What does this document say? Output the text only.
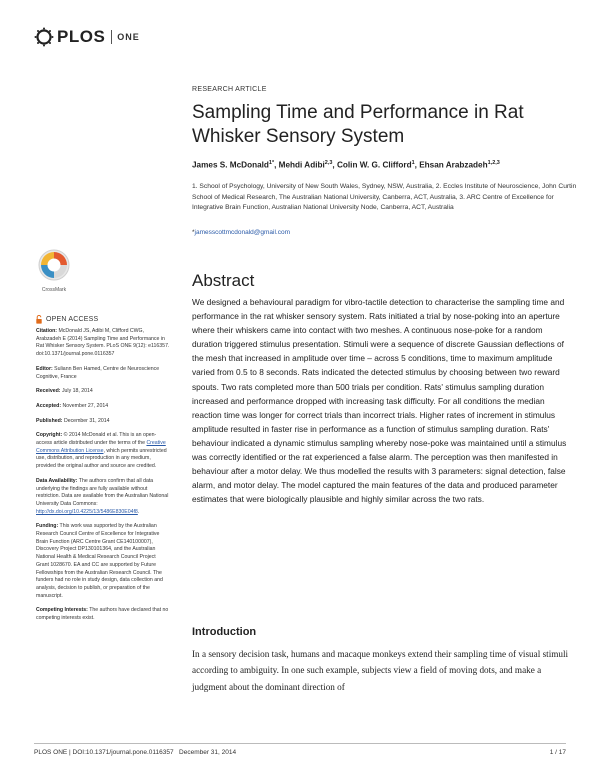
PLOS ONE
RESEARCH ARTICLE
Sampling Time and Performance in Rat Whisker Sensory System
James S. McDonald$^{1*}$, Mehdi Adibi$^{2,3}$, Colin W. G. Clifford$^1$, Ehsan Arabzadeh$^{1,2,3}$
1. School of Psychology, University of New South Wales, Sydney, NSW, Australia, 2. Eccles Institute of Neuroscience, John Curtin School of Medical Research, The Australian National University, Canberra, ACT, Australia, 3. ARC Centre of Excellence for Integrative Brain Function, Australian National University Node, Canberra, ACT, Australia
*jamesscottmcdonald@gmail.com
CrossMark
OPEN ACCESS
Citation: McDonald JS, Adibi M, Clifford CWG, Arabzadeh E (2014) Sampling Time and Performance in Rat Whisker Sensory System. PLoS ONE 9(12): e116357. doi:10.1371/journal.pone.0116357
Editor: Suliann Ben Hamed, Centre de Neuroscience Cognitive, France
Received: July 18, 2014
Accepted: November 27, 2014
Published: December 31, 2014
Copyright: © 2014 McDonald et al. This is an open-access article distributed under the terms of the Creative Commons Attribution License, which permits unrestricted use, distribution, and reproduction in any medium, provided the original author and source are credited.
Data Availability: The authors confirm that all data underlying the findings are fully available without restriction. Data are available from the Australian National University Data Commons: http://dx.doi.org/10.4225/13/5486E830E04f8.
Funding: This work was supported by the Australian Research Council Centre of Excellence for Integrative Brain Function (ARC Centre Grant CE140100007), Discovery Project DP130101364, and the Australian National Health & Medical Research Council Project Grant 1028670. EA and CC are supported by Future Fellowships from the Australian Research Council. The funders had no role in study design, data collection and analysis, decision to publish, or preparation of the manuscript.
Competing Interests: The authors have declared that no competing interests exist.
Abstract
We designed a behavioural paradigm for vibro-tactile detection to characterise the sampling time and performance in the rat whisker sensory system. Rats initiated a trial by nose-poking into an aperture where their whiskers came into contact with two meshes. A continuous nose-poke for a random duration triggered stimulus presentation. Stimuli were a sequence of discrete Gaussian deflections of the mesh that increased in amplitude over time – across 5 conditions, time to maximum amplitude varied from 0.5 to 8 seconds. Rats indicated the detected stimulus by choosing between two reward spouts. Two rats completed more than 500 trials per condition. Rats' stimulus sampling duration increased and performance dropped with increasing task difficulty. For all conditions the median reaction time was longer for correct trials than incorrect trials. Higher rates of increment in stimulus amplitude resulted in faster rise in performance as a function of stimulus sampling duration. Rats' behaviour indicated a dynamic stimulus sampling whereby nose-poke was maintained until a stimulus was correctly identified or the rat experienced a false alarm. The perception was then manifested in behaviour after a motor delay. We thus modelled the results with 3 parameters: signal detection, false alarm, and motor delay. The model captured the main features of the data and produced parameter estimates that were biologically plausible and highly similar across the two rats.
Introduction
In a sensory decision task, humans and macaque monkeys extend their sampling time of visual stimuli according to ambiguity. In one such example, subjects view a field of moving dots, and make a judgment about the dominant direction of
PLOS ONE | DOI:10.1371/journal.pone.0116357   December 31, 2014	1 / 17
